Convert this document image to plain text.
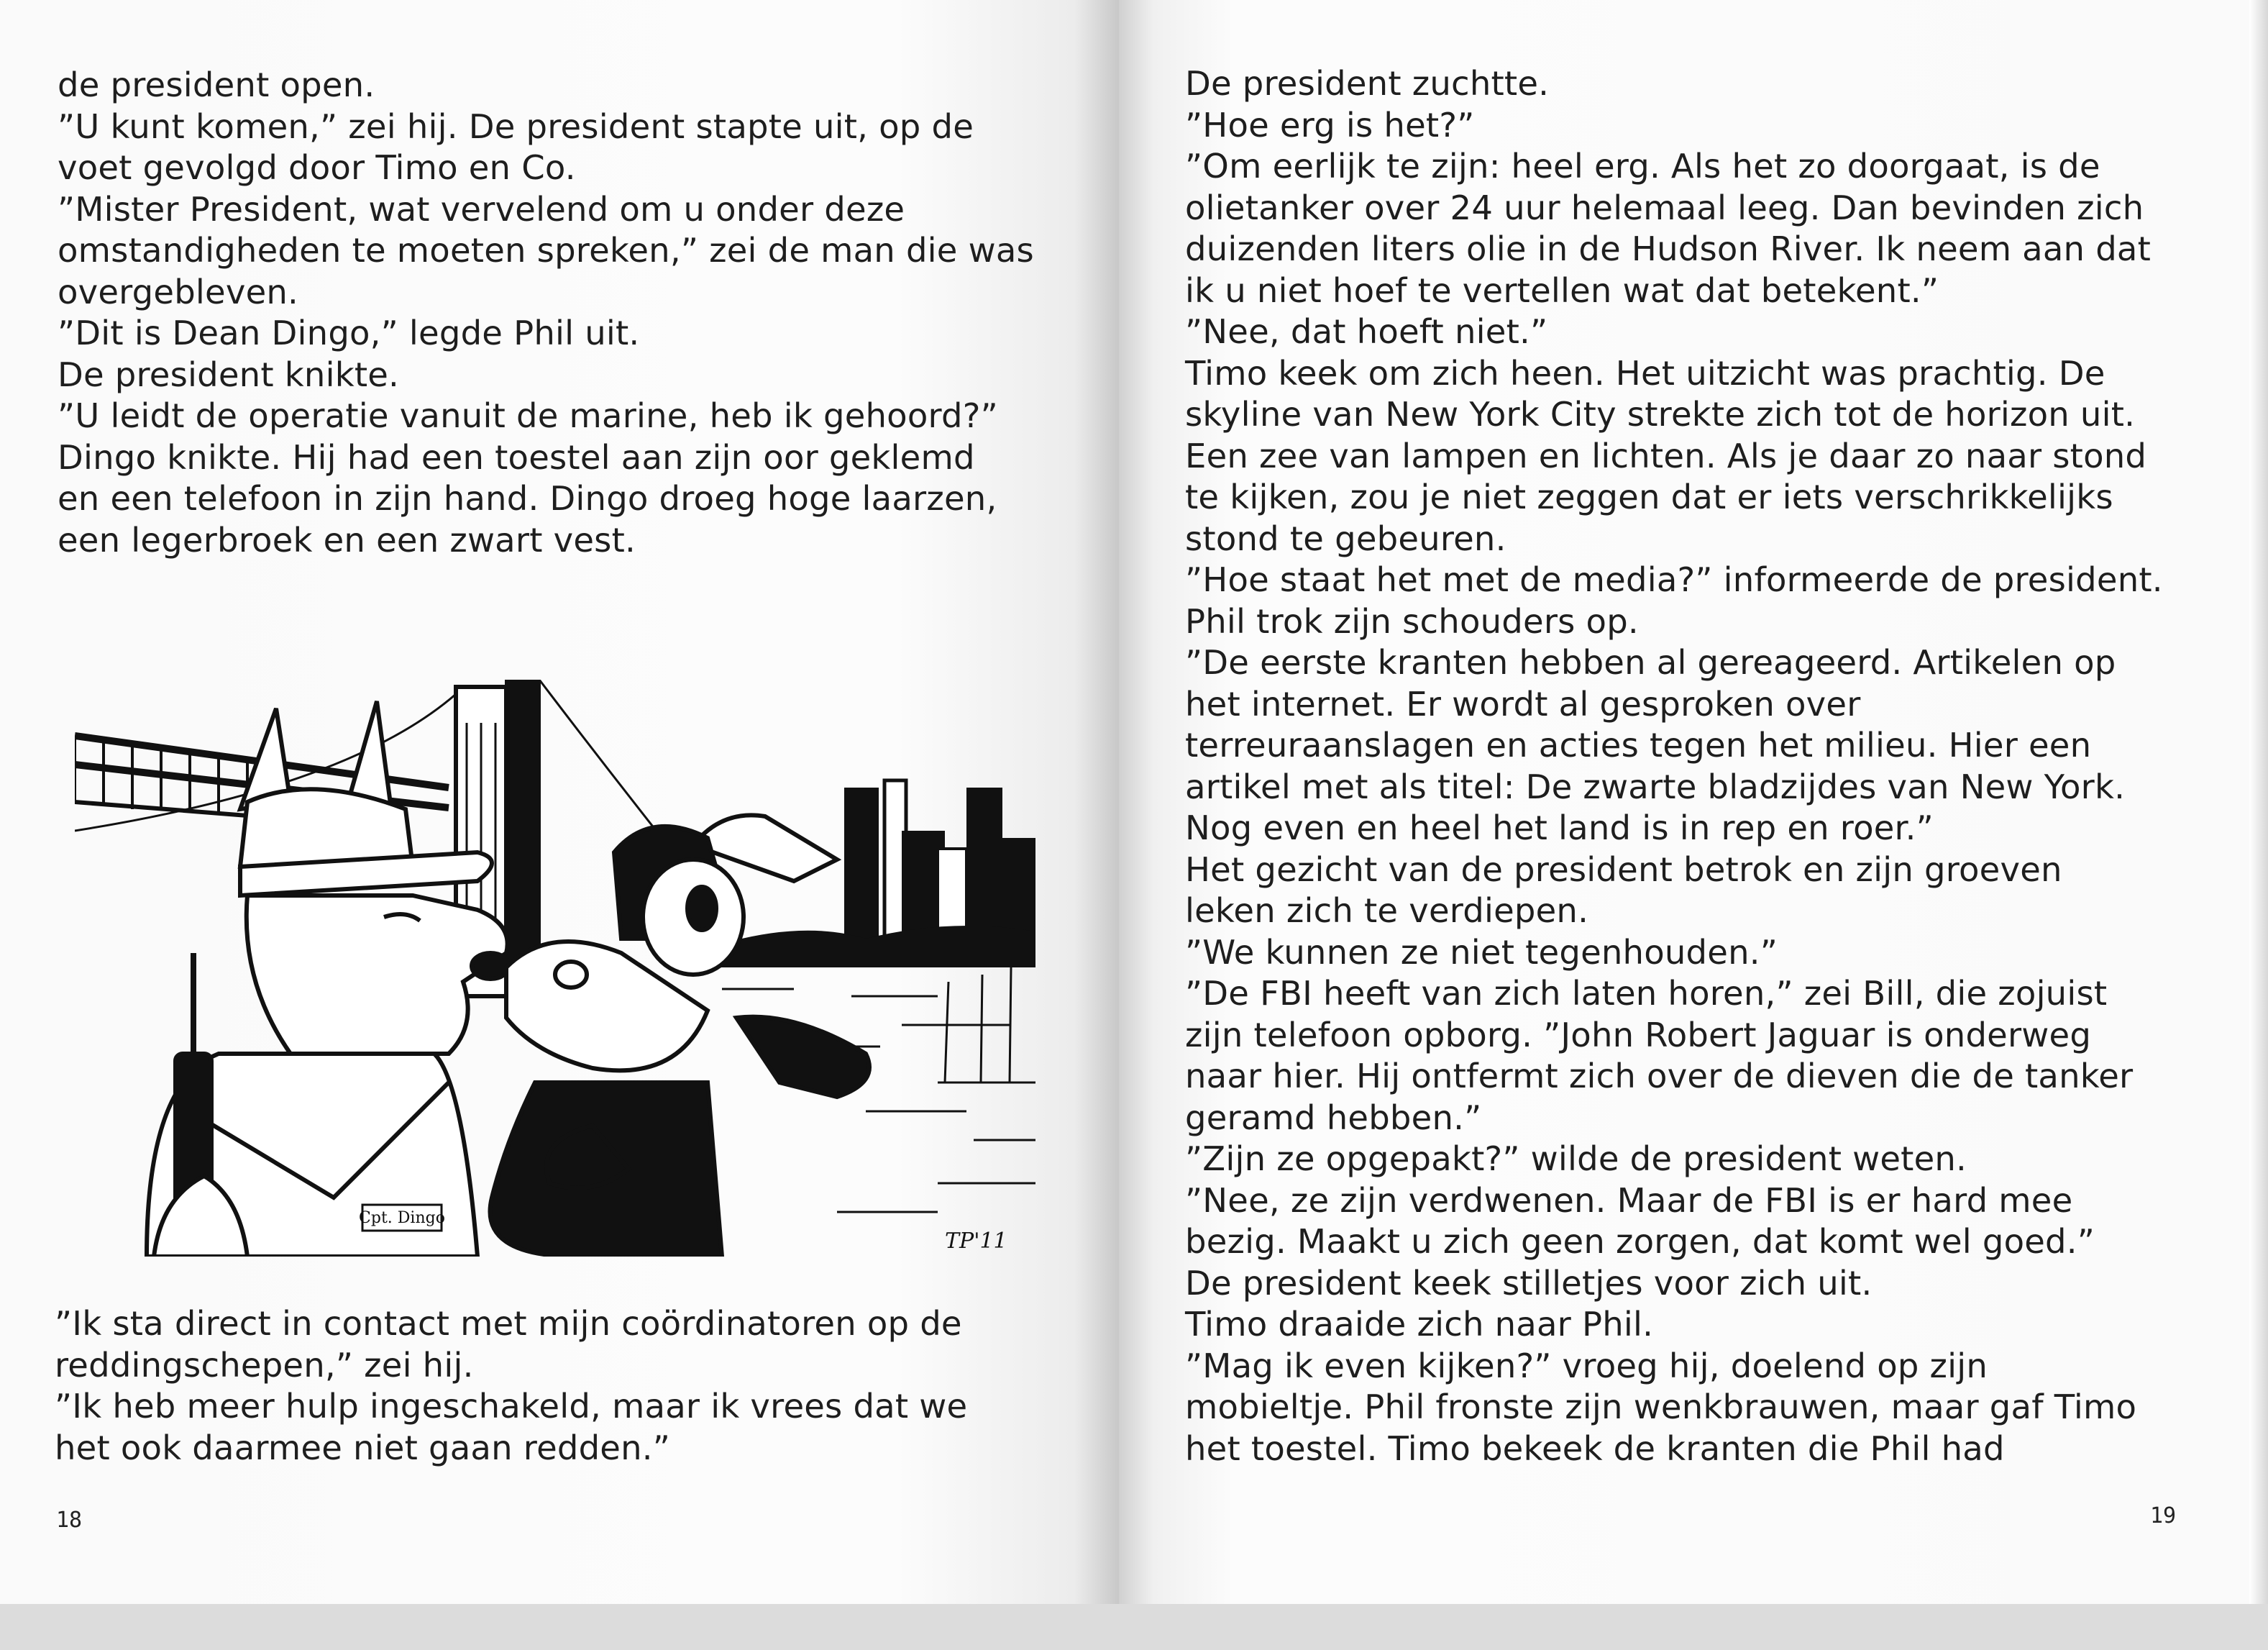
de president open.

”U kunt komen,” zei hij. De president stapte uit, op de

voet gevolgd door Timo en Co.

”Mister President, wat vervelend om u onder deze

omstandigheden te moeten spreken,” zei de man die was

overgebleven.

”Dit is Dean Dingo,” legde Phil uit.

De president knikte.

”U leidt de operatie vanuit de marine, heb ik gehoord?”

Dingo knikte. Hij had een toestel aan zijn oor geklemd

en een telefoon in zijn hand. Dingo droeg hoge laarzen,

een legerbroek en een zwart vest.

Cpt. Dingo
TP'11

”Ik sta direct in contact met mijn coördinatoren op de

reddingschepen,” zei hij.

”Ik heb meer hulp ingeschakeld, maar ik vrees dat we

het ook daarmee niet gaan redden.”

18

De president zuchtte.

”Hoe erg is het?”

”Om eerlijk te zijn: heel erg. Als het zo doorgaat, is de

olietanker over 24 uur helemaal leeg. Dan bevinden zich

duizenden liters olie in de Hudson River. Ik neem aan dat

ik u niet hoef te vertellen wat dat betekent.”

”Nee, dat hoeft niet.”

Timo keek om zich heen. Het uitzicht was prachtig. De

skyline van New York City strekte zich tot de horizon uit.

Een zee van lampen en lichten. Als je daar zo naar stond

te kijken, zou je niet zeggen dat er iets verschrikkelijks

stond te gebeuren.

”Hoe staat het met de media?” informeerde de president.

Phil trok zijn schouders op.

”De eerste kranten hebben al gereageerd. Artikelen op

het internet. Er wordt al gesproken over

terreuraanslagen en acties tegen het milieu. Hier een

artikel met als titel: De zwarte bladzijdes van New York.

Nog even en heel het land is in rep en roer.”

Het gezicht van de president betrok en zijn groeven

leken zich te verdiepen.

”We kunnen ze niet tegenhouden.”

”De FBI heeft van zich laten horen,” zei Bill, die zojuist

zijn telefoon opborg. ”John Robert Jaguar is onderweg

naar hier. Hij ontfermt zich over de dieven die de tanker

geramd hebben.”

”Zijn ze opgepakt?” wilde de president weten.

”Nee, ze zijn verdwenen. Maar de FBI is er hard mee

bezig. Maakt u zich geen zorgen, dat komt wel goed.”

De president keek stilletjes voor zich uit.

Timo draaide zich naar Phil.

”Mag ik even kijken?” vroeg hij, doelend op zijn

mobieltje. Phil fronste zijn wenkbrauwen, maar gaf Timo

het toestel. Timo bekeek de kranten die Phil had

19
